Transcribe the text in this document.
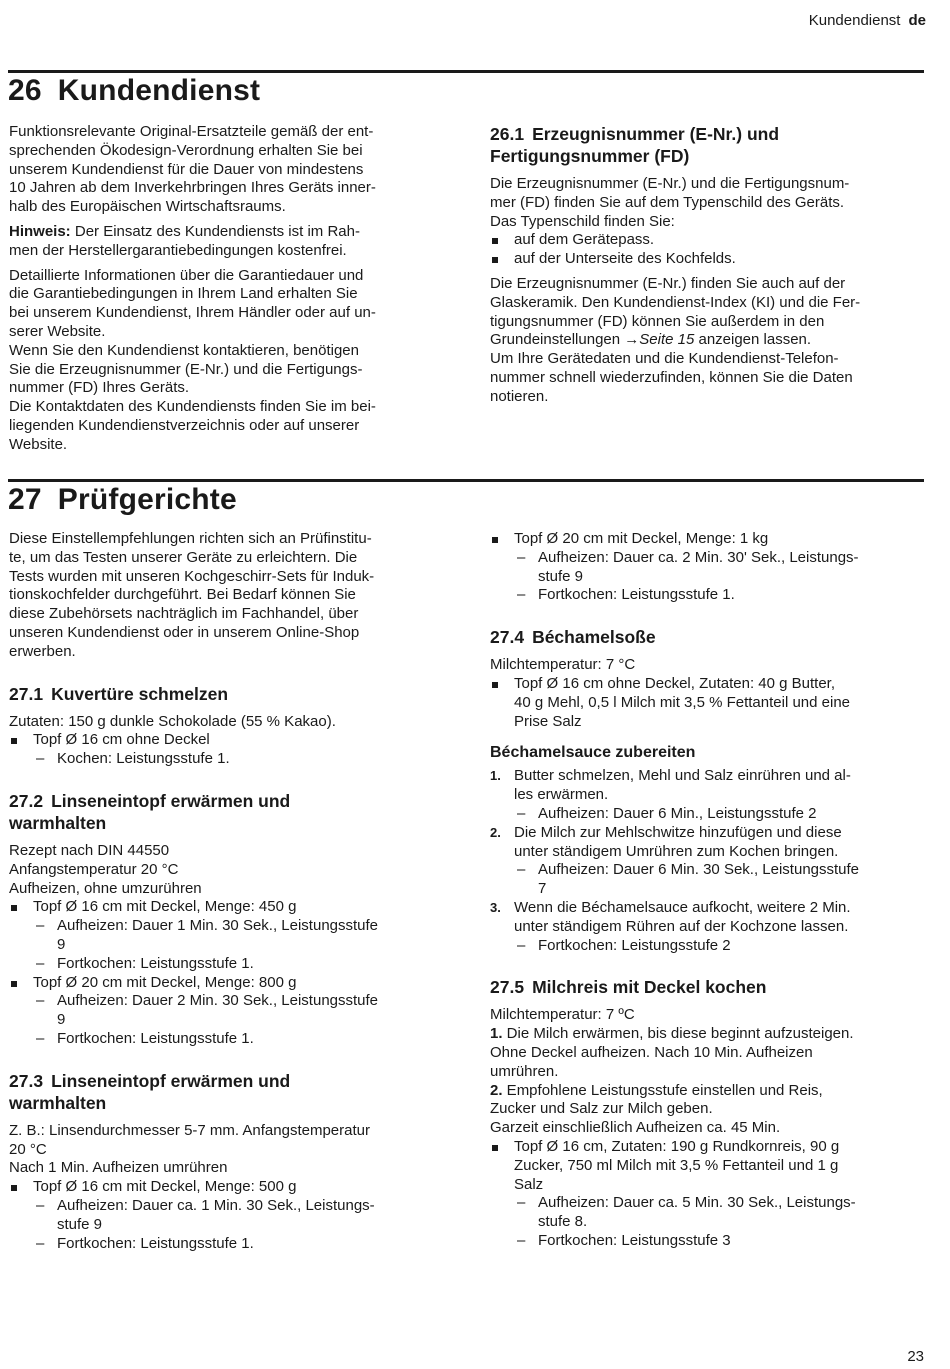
Kundendienst de
26 Kundendienst

Funktionsrelevante Original-Ersatzteile gemäß der ent-
sprechenden Ökodesign-Verordnung erhalten Sie bei
unserem Kundendienst für die Dauer von mindestens
10 Jahren ab dem Inverkehrbringen Ihres Geräts inner-
halb des Europäischen Wirtschaftsraums.

Hinweis: Der Einsatz des Kundendiensts ist im Rah-
men der Herstellergarantiebedingungen kostenfrei.

Detaillierte Informationen über die Garantiedauer und
die Garantiebedingungen in Ihrem Land erhalten Sie
bei unserem Kundendienst, Ihrem Händler oder auf un-
serer Website.
Wenn Sie den Kundendienst kontaktieren, benötigen
Sie die Erzeugnisnummer (E-Nr.) und die Fertigungs-
nummer (FD) Ihres Geräts.
Die Kontaktdaten des Kundendiensts finden Sie im bei-
liegenden Kundendienstverzeichnis oder auf unserer
Website.

26.1 Erzeugnisnummer (E-Nr.) und
Fertigungsnummer (FD)

Die Erzeugnisnummer (E-Nr.) und die Fertigungsnum-
mer (FD) finden Sie auf dem Typenschild des Geräts.
Das Typenschild finden Sie:

auf dem Gerätepass.
auf der Unterseite des Kochfelds.

Die Erzeugnisnummer (E-Nr.) finden Sie auch auf der
Glaskeramik. Den Kundendienst-Index (KI) und die Fer-
tigungsnummer (FD) können Sie außerdem in den
Grundeinstellungen →Seite 15 anzeigen lassen.
Um Ihre Gerätedaten und die Kundendienst-Telefon-
nummer schnell wiederzufinden, können Sie die Daten
notieren.

27 Prüfgerichte

Diese Einstellempfehlungen richten sich an Prüfinstitu-
te, um das Testen unserer Geräte zu erleichtern. Die
Tests wurden mit unseren Kochgeschirr-Sets für Induk-
tionskochfelder durchgeführt. Bei Bedarf können Sie
diese Zubehörsets nachträglich im Fachhandel, über
unseren Kundendienst oder in unserem Online-Shop
erwerben.

27.1 Kuvertüre schmelzen

Zutaten: 150 g dunkle Schokolade (55 % Kakao).

Topf Ø 16 cm ohne Deckel
– Kochen: Leistungsstufe 1.
27.2 Linseneintopf erwärmen und
warmhalten

Rezept nach DIN 44550
Anfangstemperatur 20 °C
Aufheizen, ohne umzurühren

Topf Ø 16 cm mit Deckel, Menge: 450 g
– Aufheizen: Dauer 1 Min. 30 Sek., Leistungsstufe
9
– Fortkochen: Leistungsstufe 1.
Topf Ø 20 cm mit Deckel, Menge: 800 g
– Aufheizen: Dauer 2 Min. 30 Sek., Leistungsstufe
9
– Fortkochen: Leistungsstufe 1.
27.3 Linseneintopf erwärmen und
warmhalten

Z. B.: Linsendurchmesser 5-7 mm. Anfangstemperatur
20 °C
Nach 1 Min. Aufheizen umrühren

Topf Ø 16 cm mit Deckel, Menge: 500 g
– Aufheizen: Dauer ca. 1 Min. 30 Sek., Leistungs-
stufe 9
– Fortkochen: Leistungsstufe 1.
Topf Ø 20 cm mit Deckel, Menge: 1 kg
– Aufheizen: Dauer ca. 2 Min. 30' Sek., Leistungs-
stufe 9
– Fortkochen: Leistungsstufe 1.
27.4 Béchamelsoße

Milchtemperatur: 7 °C

Topf Ø 16 cm ohne Deckel, Zutaten: 40 g Butter,
40 g Mehl, 0,5 l Milch mit 3,5 % Fettanteil und eine
Prise Salz
Béchamelsauce zubereiten
1. Butter schmelzen, Mehl und Salz einrühren und al-
les erwärmen.
– Aufheizen: Dauer 6 Min., Leistungsstufe 2
2. Die Milch zur Mehlschwitze hinzufügen und diese
unter ständigem Umrühren zum Kochen bringen.
– Aufheizen: Dauer 6 Min. 30 Sek., Leistungsstufe
7
3. Wenn die Béchamelsauce aufkocht, weitere 2 Min.
unter ständigem Rühren auf der Kochzone lassen.
– Fortkochen: Leistungsstufe 2
27.5 Milchreis mit Deckel kochen

Milchtemperatur: 7 ºC
1. Die Milch erwärmen, bis diese beginnt aufzusteigen.
Ohne Deckel aufheizen. Nach 10 Min. Aufheizen
umrühren.
2. Empfohlene Leistungsstufe einstellen und Reis,
Zucker und Salz zur Milch geben.
Garzeit einschließlich Aufheizen ca. 45 Min.

Topf Ø 16 cm, Zutaten: 190 g Rundkornreis, 90 g
Zucker, 750 ml Milch mit 3,5 % Fettanteil und 1 g
Salz
– Aufheizen: Dauer ca. 5 Min. 30 Sek., Leistungs-
stufe 8.
– Fortkochen: Leistungsstufe 3
23
